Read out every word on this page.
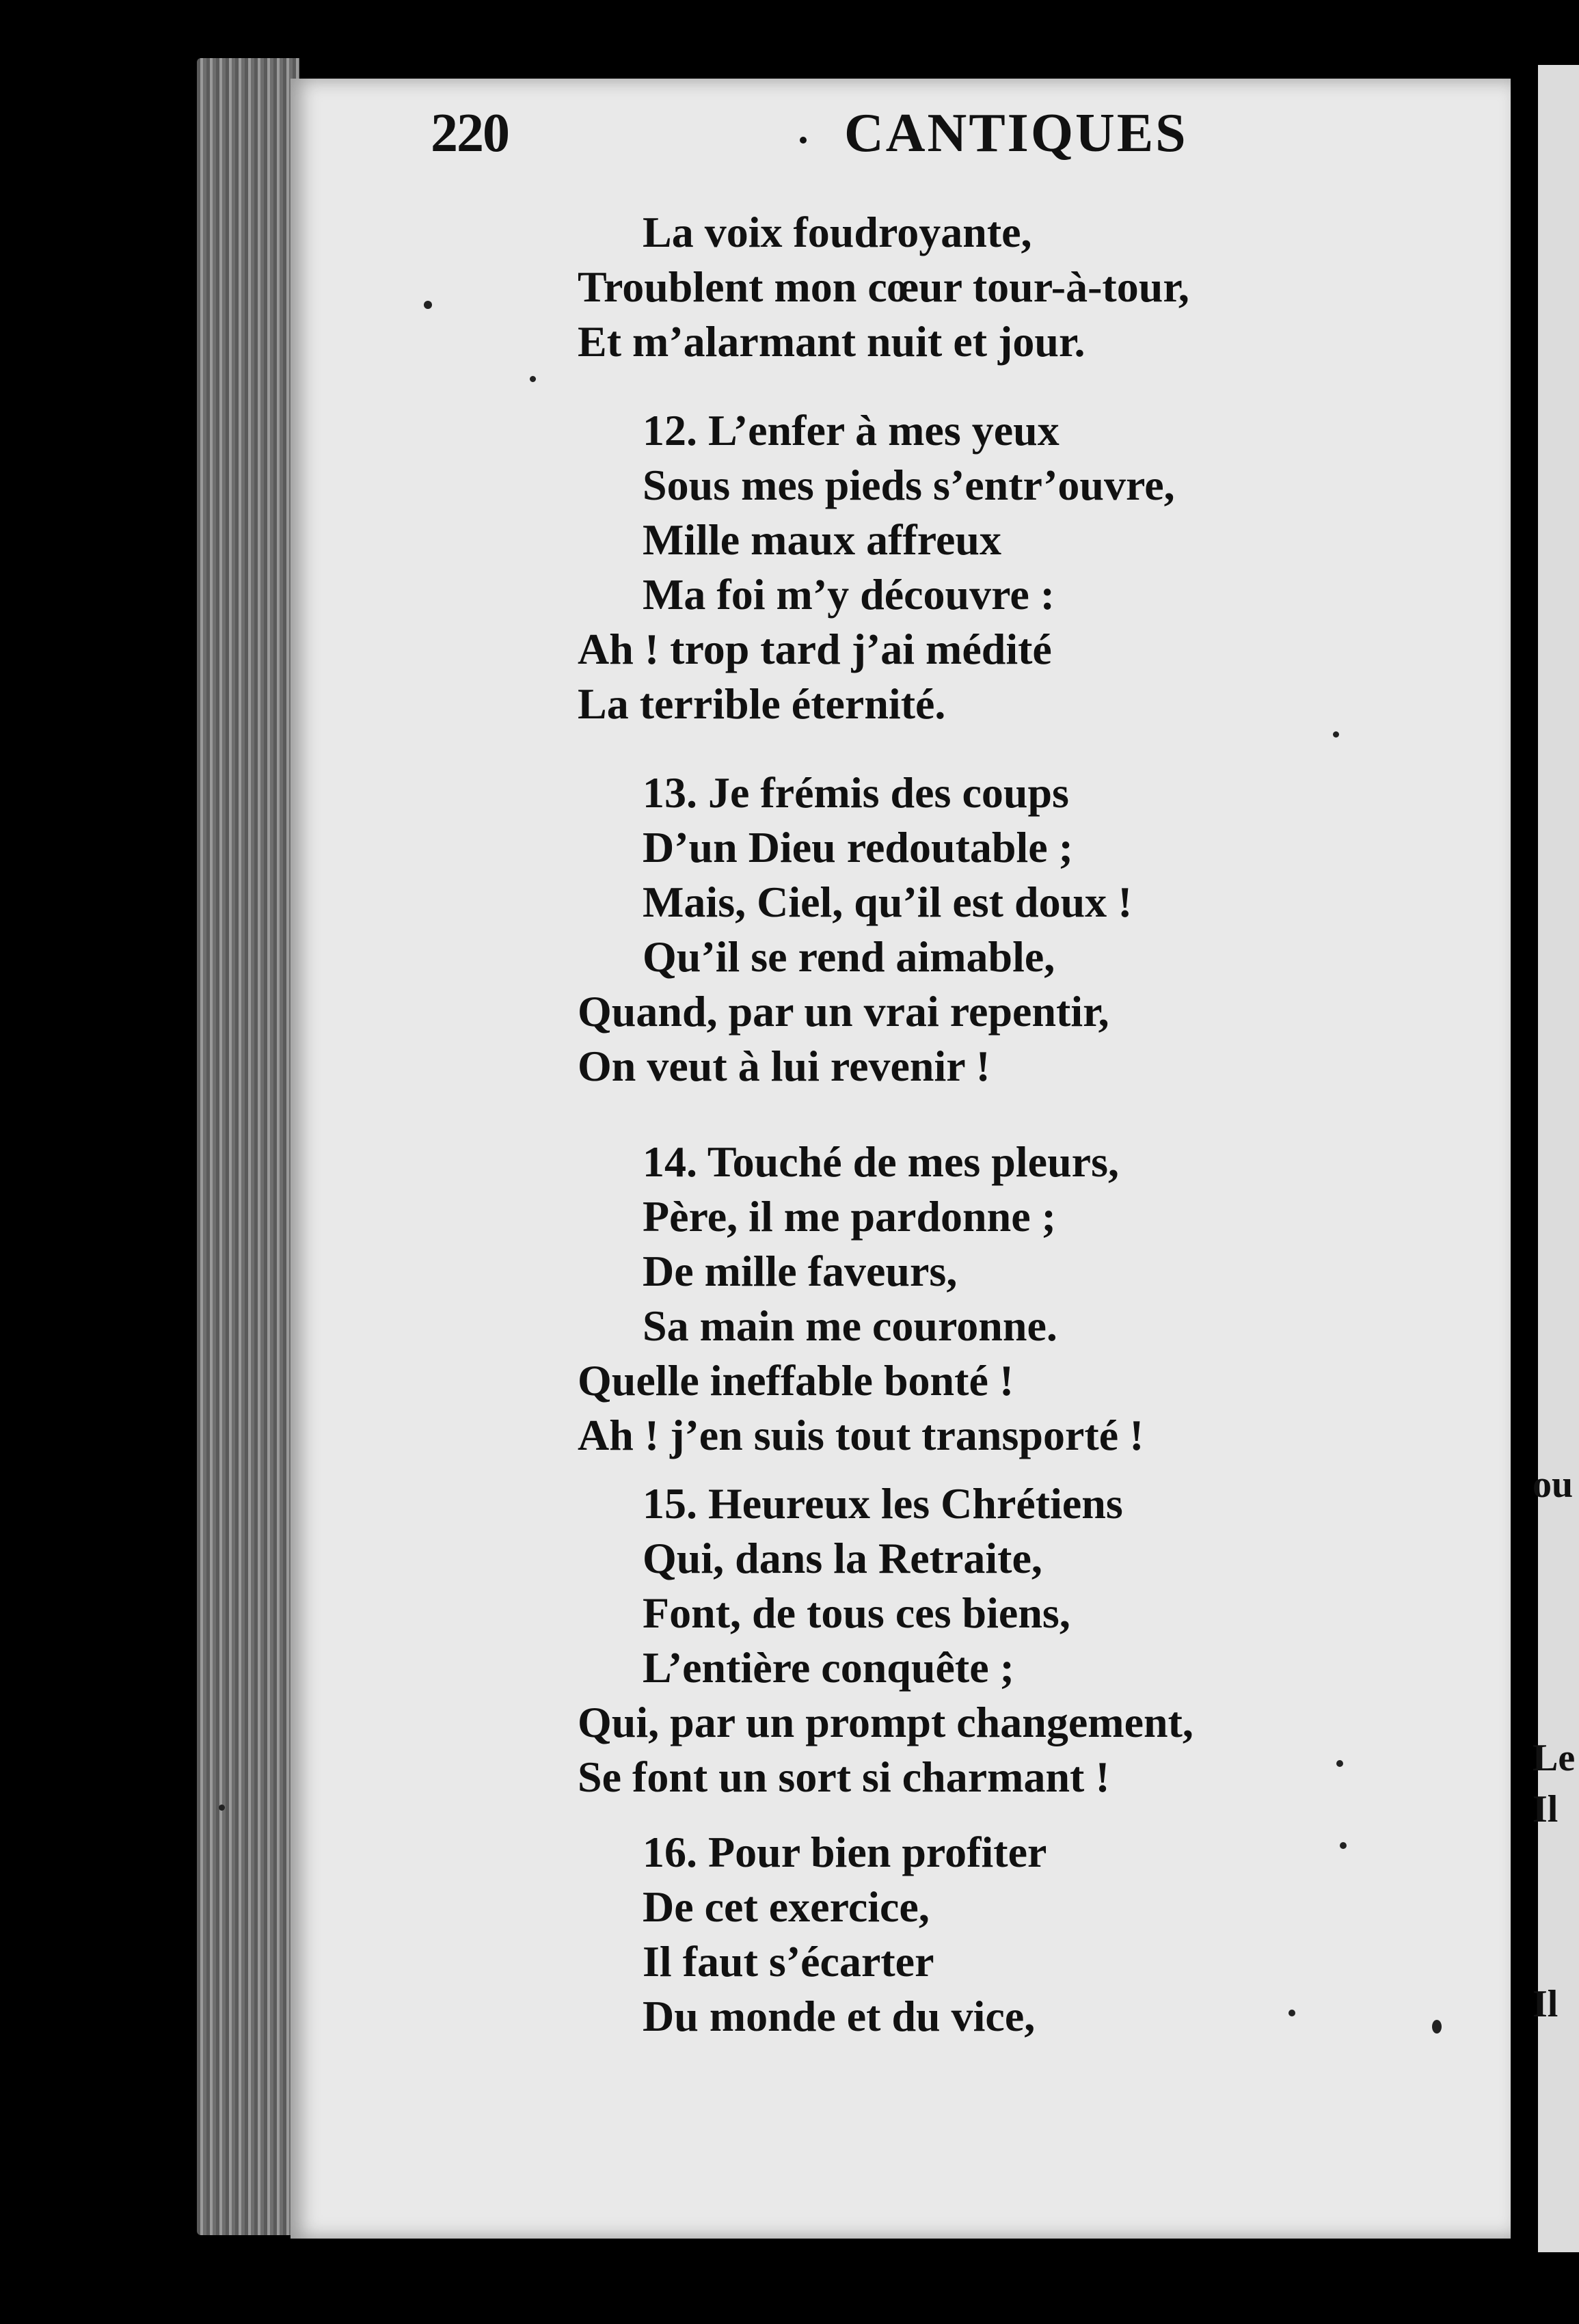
ou
Le
Il
Il
220	CANTIQUES
La voix foudroyante,
Troublent mon cœur tour-à-tour,
Et m’alarmant nuit et jour.
12. L’enfer à mes yeux
Sous mes pieds s’entr’ouvre,
Mille maux affreux
Ma foi m’y découvre :
Ah ! trop tard j’ai médité
La terrible éternité.
13. Je frémis des coups
D’un Dieu redoutable ;
Mais, Ciel, qu’il est doux !
Qu’il se rend aimable,
Quand, par un vrai repentir,
On veut à lui revenir !
14. Touché de mes pleurs,
Père, il me pardonne ;
De mille faveurs,
Sa main me couronne.
Quelle ineffable bonté !
Ah ! j’en suis tout transporté !
15. Heureux les Chrétiens
Qui, dans la Retraite,
Font, de tous ces biens,
L’entière conquête ;
Qui, par un prompt changement,
Se font un sort si charmant !
16. Pour bien profiter
De cet exercice,
Il faut s’écarter
Du monde et du vice,
